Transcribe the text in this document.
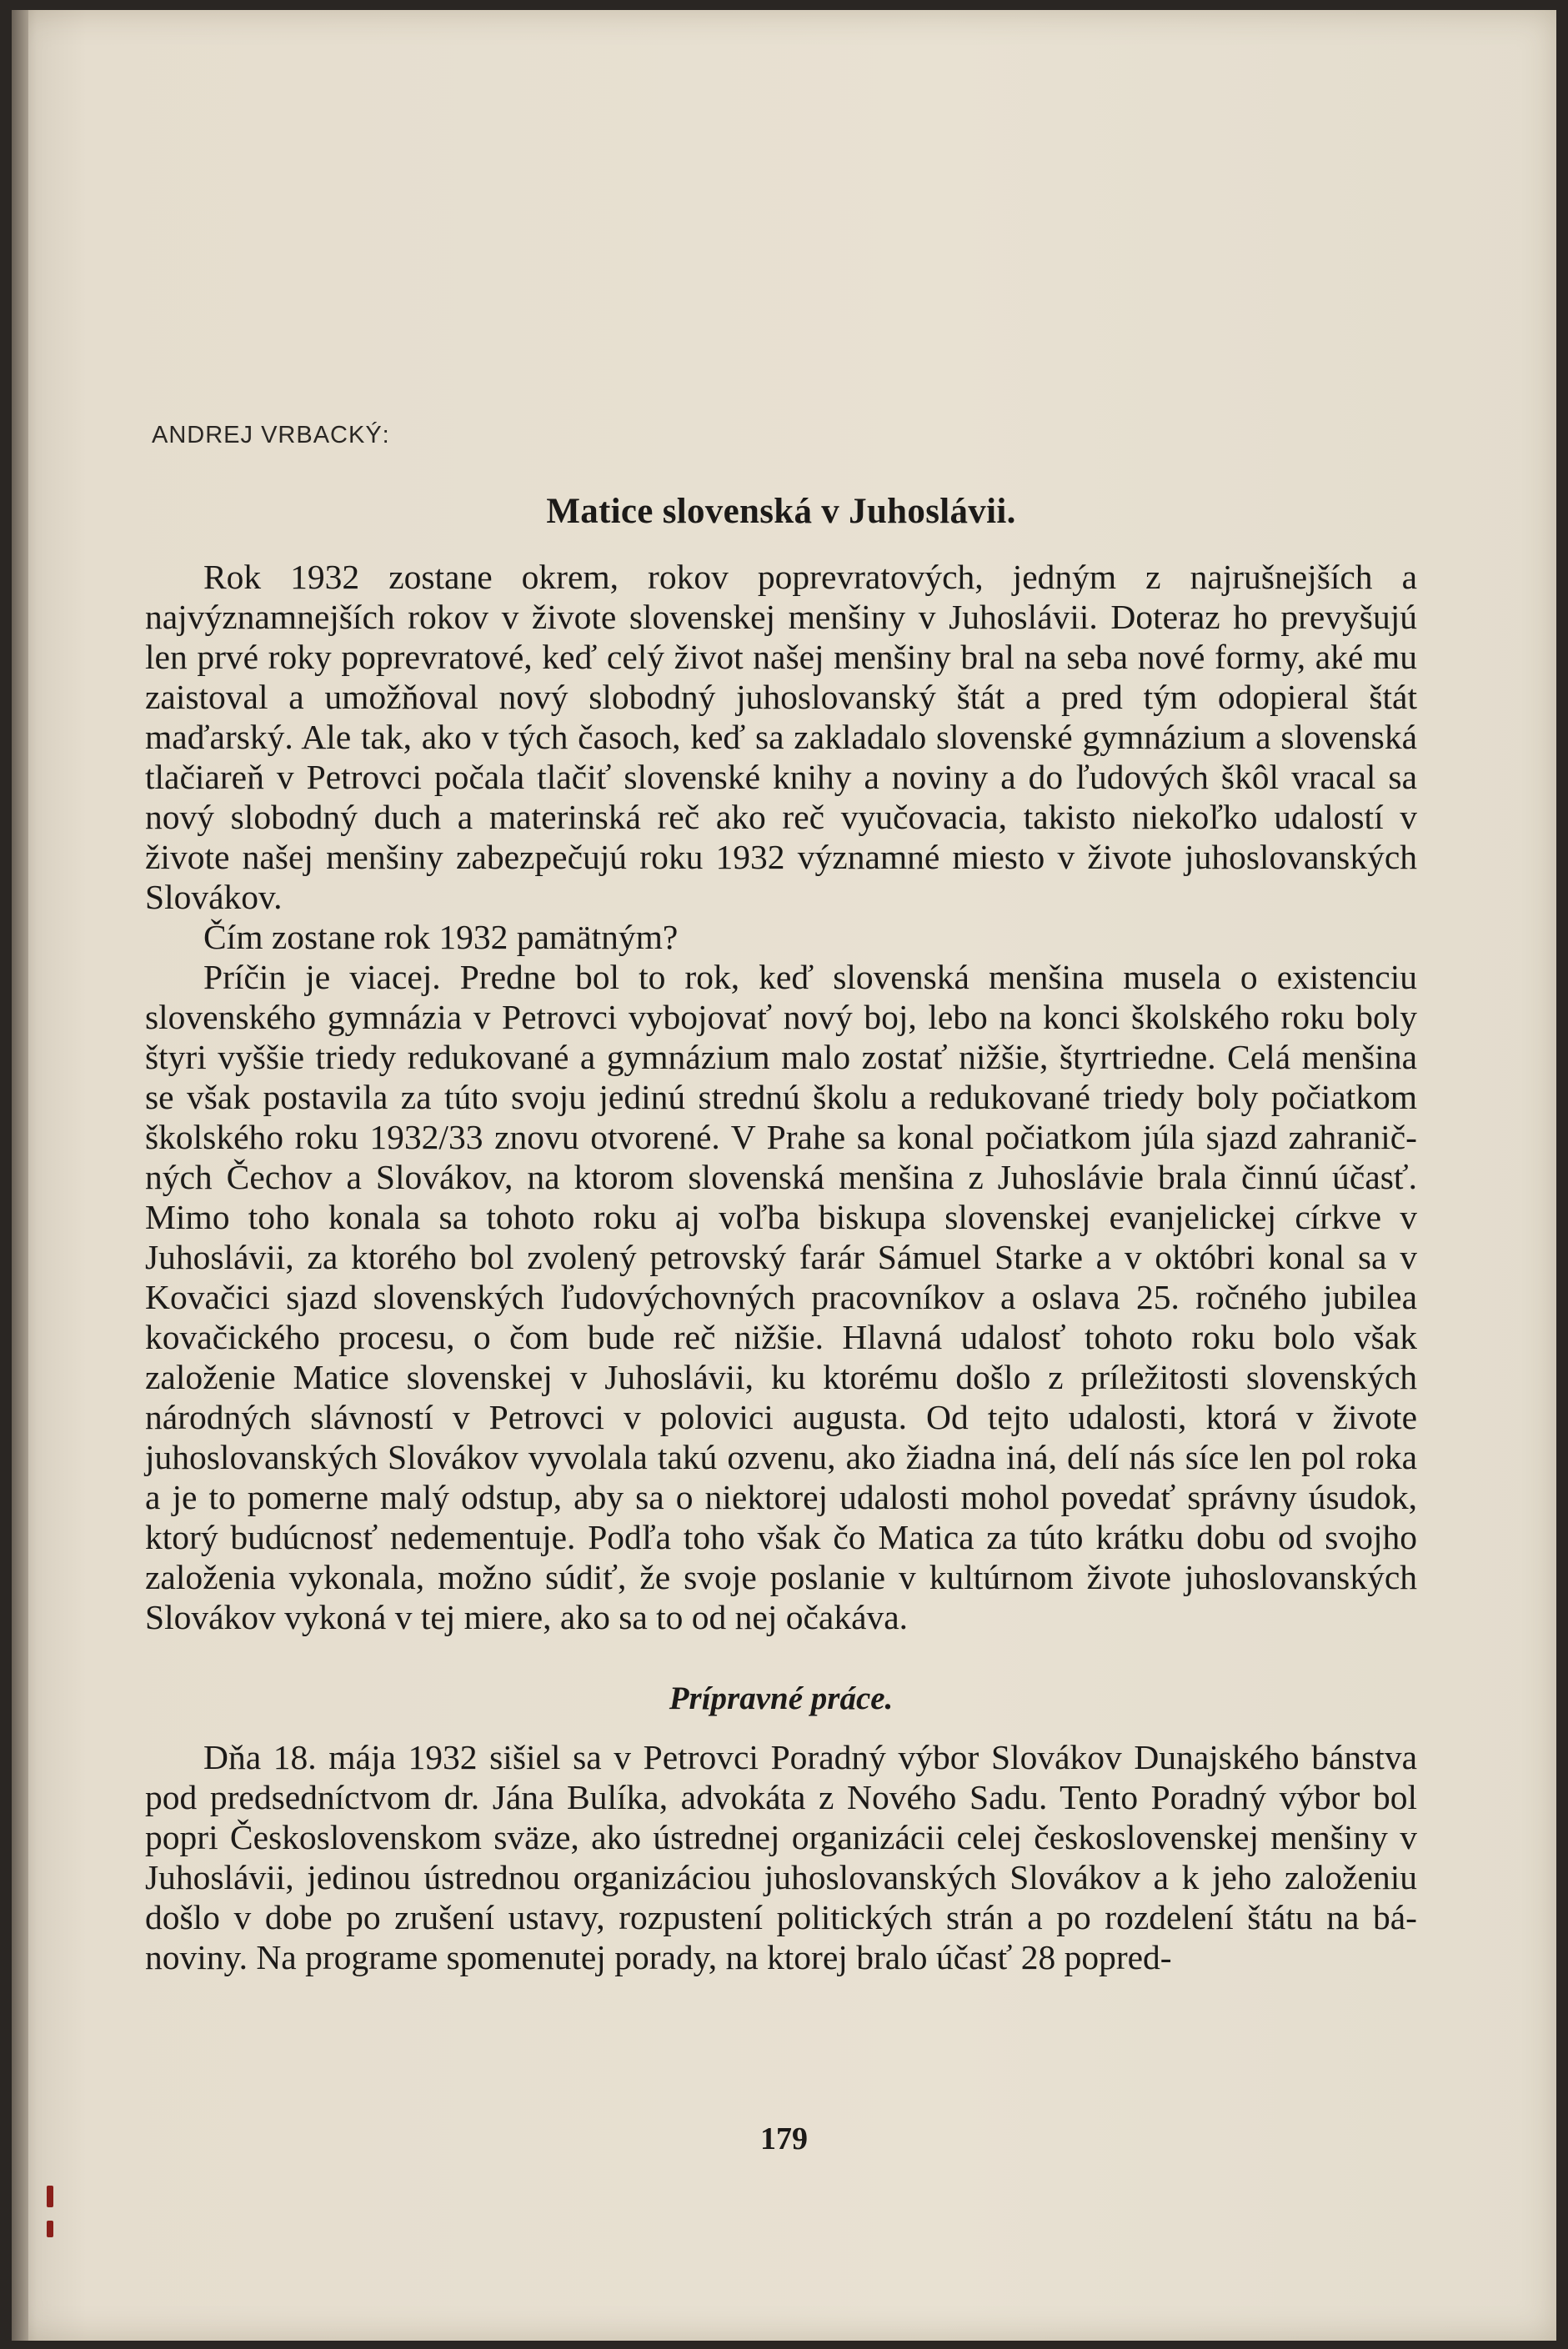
ANDREJ VRBACKÝ:
Matice slovenská v Juhoslávii.

Rok 1932 zostane okrem, rokov poprevratových, jedným z najrušnejších a najvýznamnejších rokov v živote slovenskej menšiny v Juhoslávii. Doteraz ho prevyšujú len prvé roky poprevratové, keď celý život našej menšiny bral na seba nové formy, aké mu zaistoval a umožňoval nový slobodný juhoslovanský štát a pred tým odopieral štát maďarský. Ale tak, ako v tých časoch, keď sa zakladalo slovenské gymnázium a slovenská tlačiareň v Petrovci počala tlačiť slovenské knihy a noviny a do ľudových škôl vracal sa nový slobodný duch a materinská reč ako reč vyučovacia, takisto niekoľko udalostí v živote našej menšiny zabezpečujú roku 1932 významné miesto v živote juhoslovanských Slovákov.

Čím zostane rok 1932 pamätným?

Príčin je viacej. Predne bol to rok, keď slovenská menšina musela o existenciu slovenského gymnázia v Petrovci vybojovať nový boj, lebo na konci školského roku boly štyri vyššie triedy redukované a gymnázium malo zostať nižšie, štyrtriedne. Celá menšina se však postavila za túto svoju jedinú strednú školu a redukované triedy boly počiatkom školského roku 1932/33 znovu otvorené. V Prahe sa konal počiatkom júla sjazd zahraničných Čechov a Slovákov, na ktorom slovenská menšina z Juhoslávie brala činnú účasť. Mimo toho konala sa tohoto roku aj voľba biskupa slovenskej evanjelickej církve v Juhoslávii, za ktorého bol zvolený petrovský farár Sámuel Starke a v októbri konal sa v Kovačici sjazd slovenských ľudovýchovných pracovníkov a oslava 25. ročného jubilea kovačického procesu, o čom bude reč nižšie. Hlavná udalosť tohoto roku bolo však založenie Matice slovenskej v Juhoslávii, ku ktorému došlo z príležitosti slovenských národných slávností v Petrovci v polovici augusta. Od tejto udalosti, ktorá v živote juhoslovanských Slovákov vyvolala takú ozvenu, ako žiadna iná, delí nás síce len pol roka a je to pomerne malý odstup, aby sa o niektorej udalosti mohol povedať správny úsudok, ktorý budúcnosť nedementuje. Podľa toho však čo Matica za túto krátku dobu od svojho založenia vykonala, možno súdiť, že svoje poslanie v kultúrnom živote juhoslovanských Slovákov vykoná v tej miere, ako sa to od nej očakáva.

Prípravné práce.

Dňa 18. mája 1932 sišiel sa v Petrovci Poradný výbor Slovákov Dunajského bánstva pod predsedníctvom dr. Jána Bulíka, advokáta z Nového Sadu. Tento Poradný výbor bol popri Československom sväze, ako ústrednej organizácii celej československej menšiny v Juhoslávii, jedinou ústrednou organizáciou juhoslovanských Slovákov a k jeho založeniu došlo v dobe po zrušení ustavy, rozpustení politických strán a po rozdelení štátu na bánoviny. Na programe spomenutej porady, na ktorej bralo účasť 28 popred-

179
